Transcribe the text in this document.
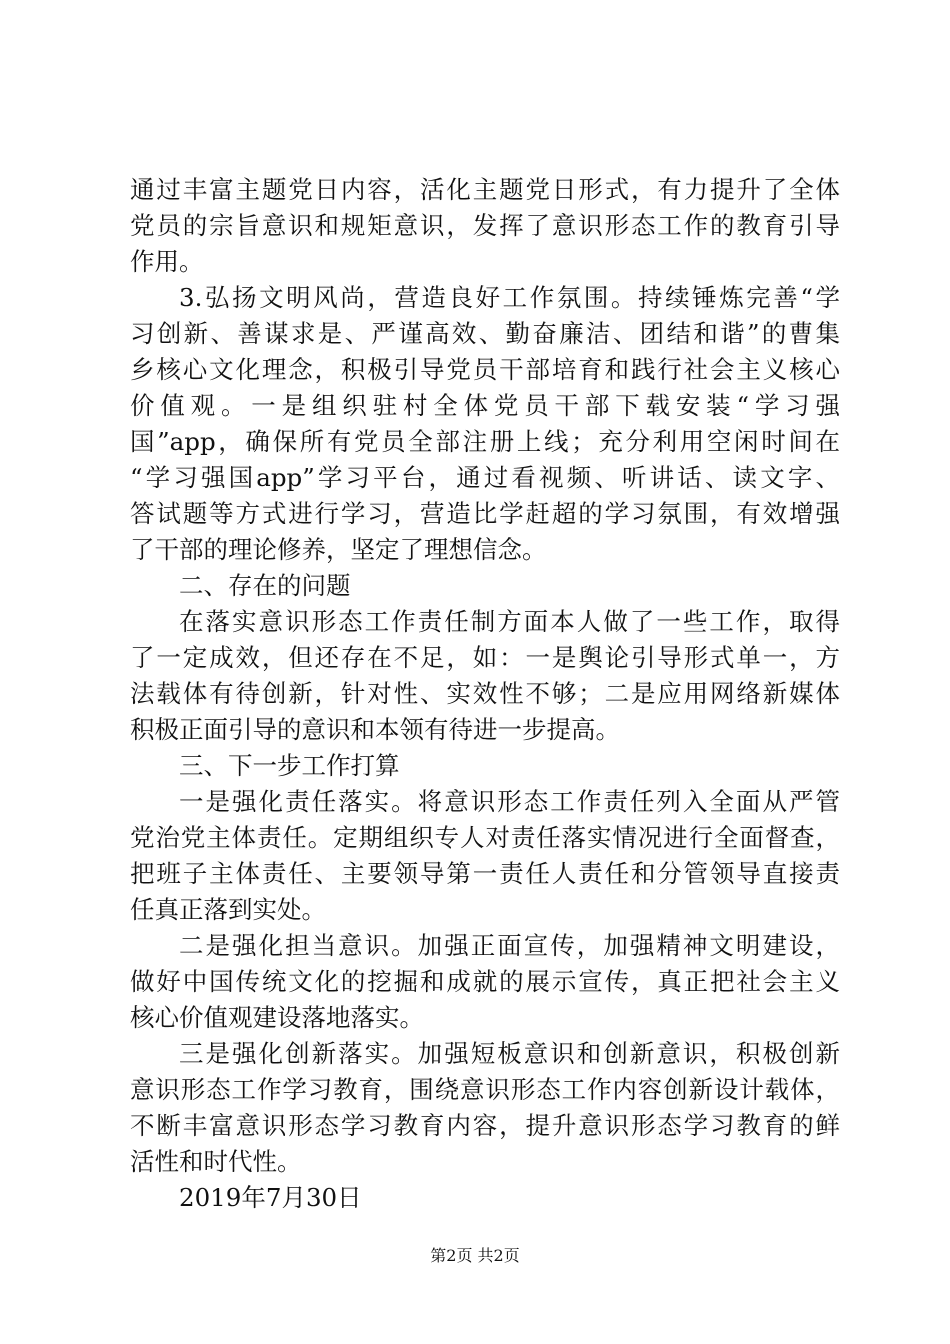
通过丰富主题党日内容，活化主题党日形式，有力提升了全体
党员的宗旨意识和规矩意识，发挥了意识形态工作的教育引导
作用。
3.弘扬文明风尚，营造良好工作氛围。持续锤炼完善“学
习创新、善谋求是、严谨高效、勤奋廉洁、团结和谐”的曹集
乡核心文化理念，积极引导党员干部培育和践行社会主义核心
价值观。一是组织驻村全体党员干部下载安装“学习强
国”app，确保所有党员全部注册上线；充分利用空闲时间在
“学习强国app”学习平台，通过看视频、听讲话、读文字、
答试题等方式进行学习，营造比学赶超的学习氛围，有效增强
了干部的理论修养，坚定了理想信念。
二、存在的问题
在落实意识形态工作责任制方面本人做了一些工作，取得
了一定成效，但还存在不足，如：一是舆论引导形式单一，方
法载体有待创新，针对性、实效性不够；二是应用网络新媒体
积极正面引导的意识和本领有待进一步提高。
三、下一步工作打算
一是强化责任落实。将意识形态工作责任列入全面从严管
党治党主体责任。定期组织专人对责任落实情况进行全面督查，
把班子主体责任、主要领导第一责任人责任和分管领导直接责
任真正落到实处。
二是强化担当意识。加强正面宣传，加强精神文明建设，
做好中国传统文化的挖掘和成就的展示宣传，真正把社会主义
核心价值观建设落地落实。
三是强化创新落实。加强短板意识和创新意识，积极创新
意识形态工作学习教育，围绕意识形态工作内容创新设计载体，
不断丰富意识形态学习教育内容，提升意识形态学习教育的鲜
活性和时代性。
2019年7月30日
第2页 共2页
